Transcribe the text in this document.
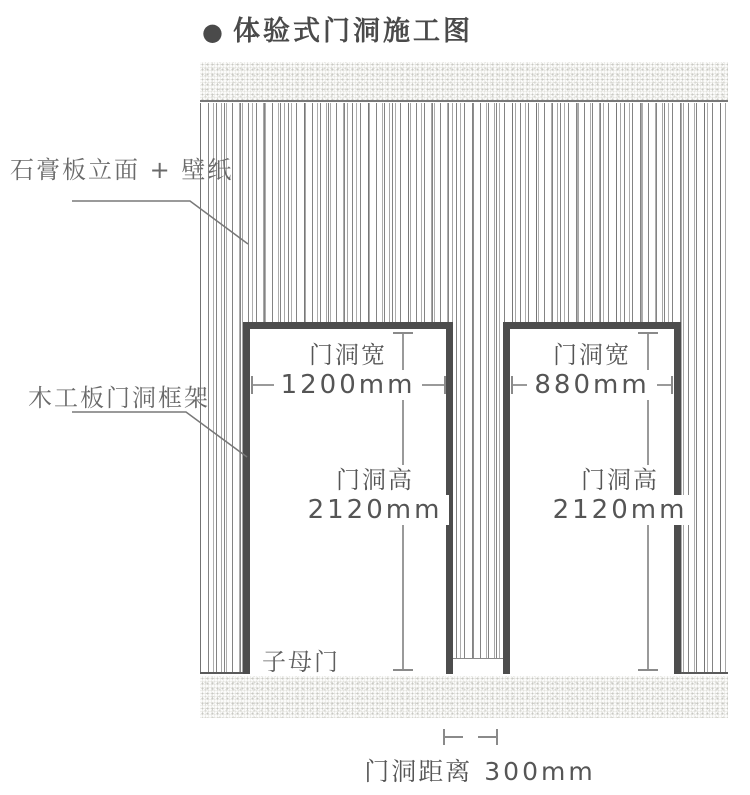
● 体验式门洞施工图
门洞宽
1200mm
门洞高
2120mm
门洞宽
880mm
门洞高
2120mm
石膏板立面 + 壁纸
木工板门洞框架
子母门
门洞距离 300mm
